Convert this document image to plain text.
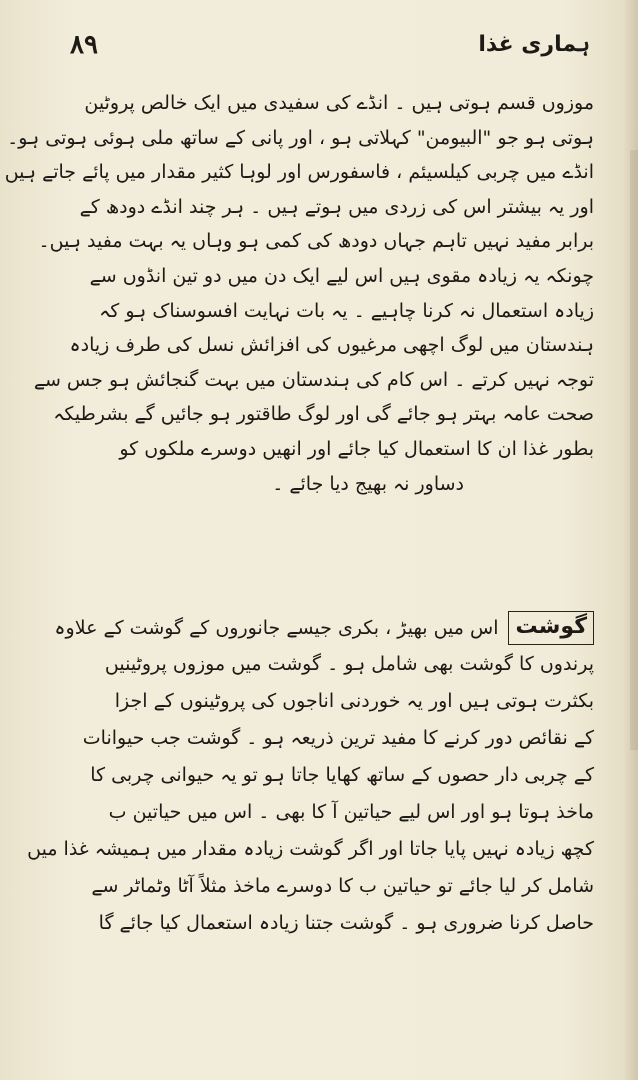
۸۹	ہماری غذا
موزوں قسم ہوتی ہیں ۔ انڈے کی سفیدی میں ایک خالص پروٹین
ہوتی ہو جو "البیومن" کہلاتی ہو ، اور پانی کے ساتھ ملی ہوئی ہوتی ہو۔
انڈے میں چربی کیلسیئم ، فاسفورس اور لوہا کثیر مقدار میں پائے جاتے ہیں
اور یہ بیشتر اس کی زردی میں ہوتے ہیں ۔ ہر چند انڈے دودھ کے
برابر مفید نہیں تاہم جہاں دودھ کی کمی ہو وہاں یہ بہت مفید ہیں۔
چونکہ یہ زیادہ مقوی ہیں اس لیے ایک دن میں دو تین انڈوں سے
زیادہ استعمال نہ کرنا چاہیے ۔ یہ بات نہایت افسوسناک ہو کہ
ہندستان میں لوگ اچھی مرغیوں کی افزائش نسل کی طرف زیادہ
توجہ نہیں کرتے ۔ اس کام کی ہندستان میں بہت گنجائش ہو جس سے
صحت عامہ بہتر ہو جائے گی اور لوگ طاقتور ہو جائیں گے بشرطیکہ
بطور غذا ان کا استعمال کیا جائے اور انھیں دوسرے ملکوں کو
دساور نہ بھیج دیا جائے ۔
گوشت
اس میں بھیڑ ، بکری جیسے جانوروں کے گوشت کے علاوہ
پرندوں کا گوشت بھی شامل ہو ۔ گوشت میں موزوں پروٹینیں
بکثرت ہوتی ہیں اور یہ خوردنی اناجوں کی پروٹینوں کے اجزا
کے نقائص دور کرنے کا مفید ترین ذریعہ ہو ۔ گوشت جب حیوانات
کے چربی دار حصوں کے ساتھ کھایا جاتا ہو تو یہ حیوانی چربی کا
ماخذ ہوتا ہو اور اس لیے حیاتین آ کا بھی ۔ اس میں حیاتین ب
کچھ زیادہ نہیں پایا جاتا اور اگر گوشت زیادہ مقدار میں ہمیشہ غذا میں
شامل کر لیا جائے تو حیاتین ب کا دوسرے ماخذ مثلاً آٹا وٹماٹر سے
حاصل کرنا ضروری ہو ۔ گوشت جتنا زیادہ استعمال کیا جائے گا
